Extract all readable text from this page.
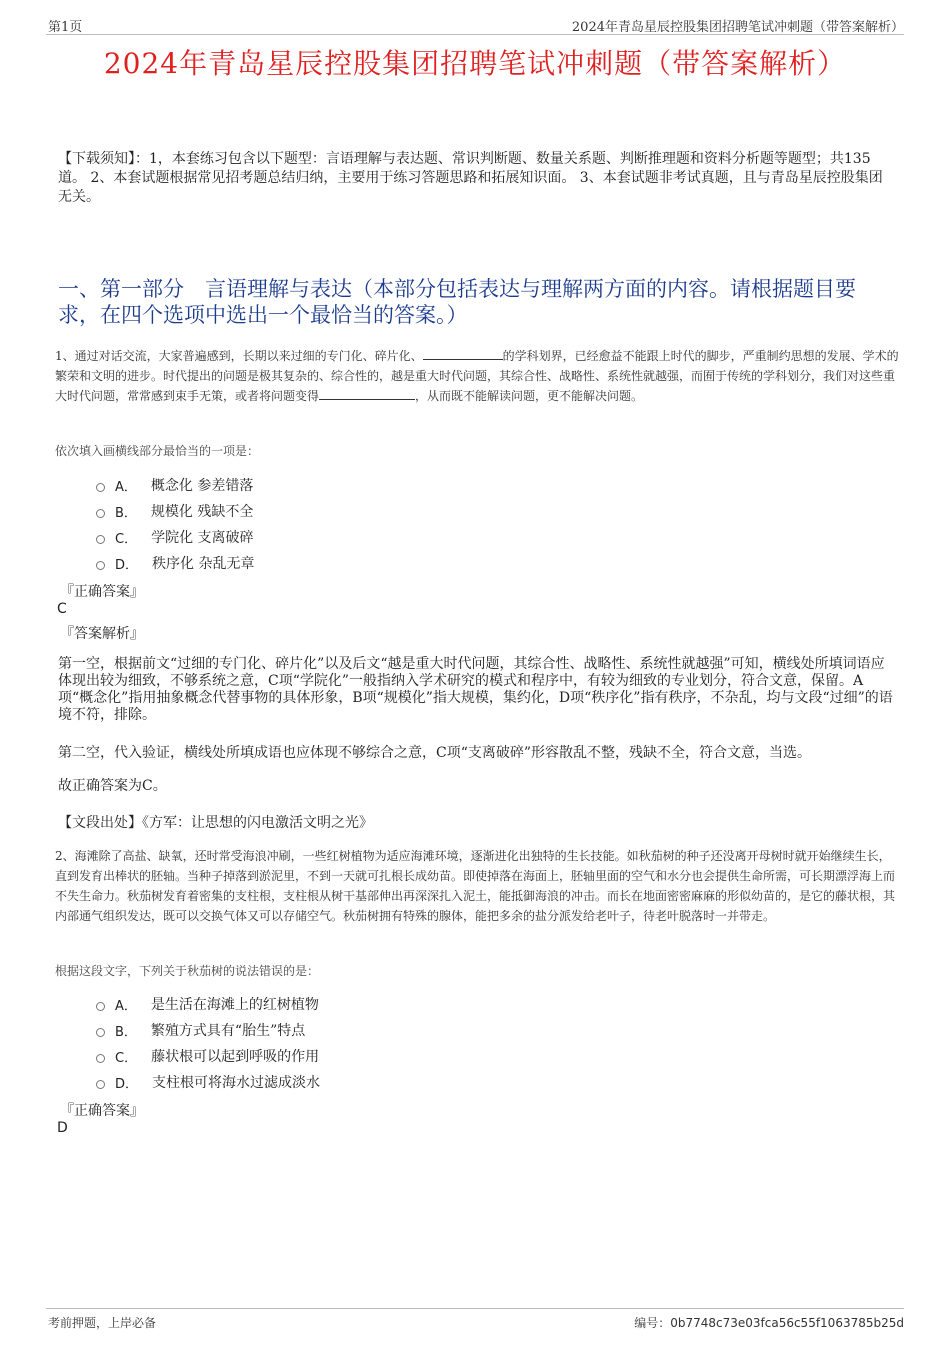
第1页	2024年青岛星辰控股集团招聘笔试冲刺题（带答案解析）
2024年青岛星辰控股集团招聘笔试冲刺题（带答案解析）
【下载须知】：1，本套练习包含以下题型：言语理解与表达题、常识判断题、数量关系题、判断推理题和资料分析题等题型；共135道。 2、本套试题根据常见招考题总结归纳，主要用于练习答题思路和拓展知识面。 3、本套试题非考试真题，且与青岛星辰控股集团无关。
一、第一部分　言语理解与表达（本部分包括表达与理解两方面的内容。请根据题目要求，在四个选项中选出一个最恰当的答案。）
1、通过对话交流，大家普遍感到，长期以来过细的专门化、碎片化、	的学科划界，已经愈益不能跟上时代的脚步，严重制约思想的发展、学术的繁荣和文明的进步。时代提出的问题是极其复杂的、综合性的，越是重大时代问题，其综合性、战略性、系统性就越强，而囿于传统的学科划分，我们对这些重大时代问题，常常感到束手无策，或者将问题变得	，从而既不能解读问题，更不能解决问题。
依次填入画横线部分最恰当的一项是：
A． 概念化 参差错落
B． 规模化 残缺不全
C． 学院化 支离破碎
D． 秩序化 杂乱无章
『正确答案』
C
『答案解析』
第一空，根据前文“过细的专门化、碎片化”以及后文“越是重大时代问题，其综合性、战略性、系统性就越强”可知，横线处所填词语应体现出较为细致，不够系统之意，C项“学院化”一般指纳入学术研究的模式和程序中，有较为细致的专业划分，符合文意，保留。A项“概念化”指用抽象概念代替事物的具体形象，B项“规模化”指大规模，集约化，D项“秩序化”指有秩序，不杂乱，均与文段“过细”的语境不符，排除。
第二空，代入验证，横线处所填成语也应体现不够综合之意，C项“支离破碎”形容散乱不整，残缺不全，符合文意，当选。
故正确答案为C。
【文段出处】《方军：让思想的闪电激活文明之光》
2、海滩除了高盐、缺氧，还时常受海浪冲刷，一些红树植物为适应海滩环境，逐渐进化出独特的生长技能。如秋茄树的种子还没离开母树时就开始继续生长，直到发育出棒状的胚轴。当种子掉落到淤泥里，不到一天就可扎根长成幼苗。即使掉落在海面上，胚轴里面的空气和水分也会提供生命所需，可长期漂浮海上而不失生命力。秋茄树发育着密集的支柱根，支柱根从树干基部伸出再深深扎入泥土，能抵御海浪的冲击。而长在地面密密麻麻的形似幼苗的，是它的藤状根，其内部通气组织发达，既可以交换气体又可以存储空气。秋茄树拥有特殊的腺体，能把多余的盐分派发给老叶子，待老叶脱落时一并带走。
根据这段文字，下列关于秋茄树的说法错误的是：
A． 是生活在海滩上的红树植物
B． 繁殖方式具有“胎生”特点
C． 藤状根可以起到呼吸的作用
D． 支柱根可将海水过滤成淡水
『正确答案』
D
考前押题，上岸必备	编号：0b7748c73e03fca56c55f1063785b25d
